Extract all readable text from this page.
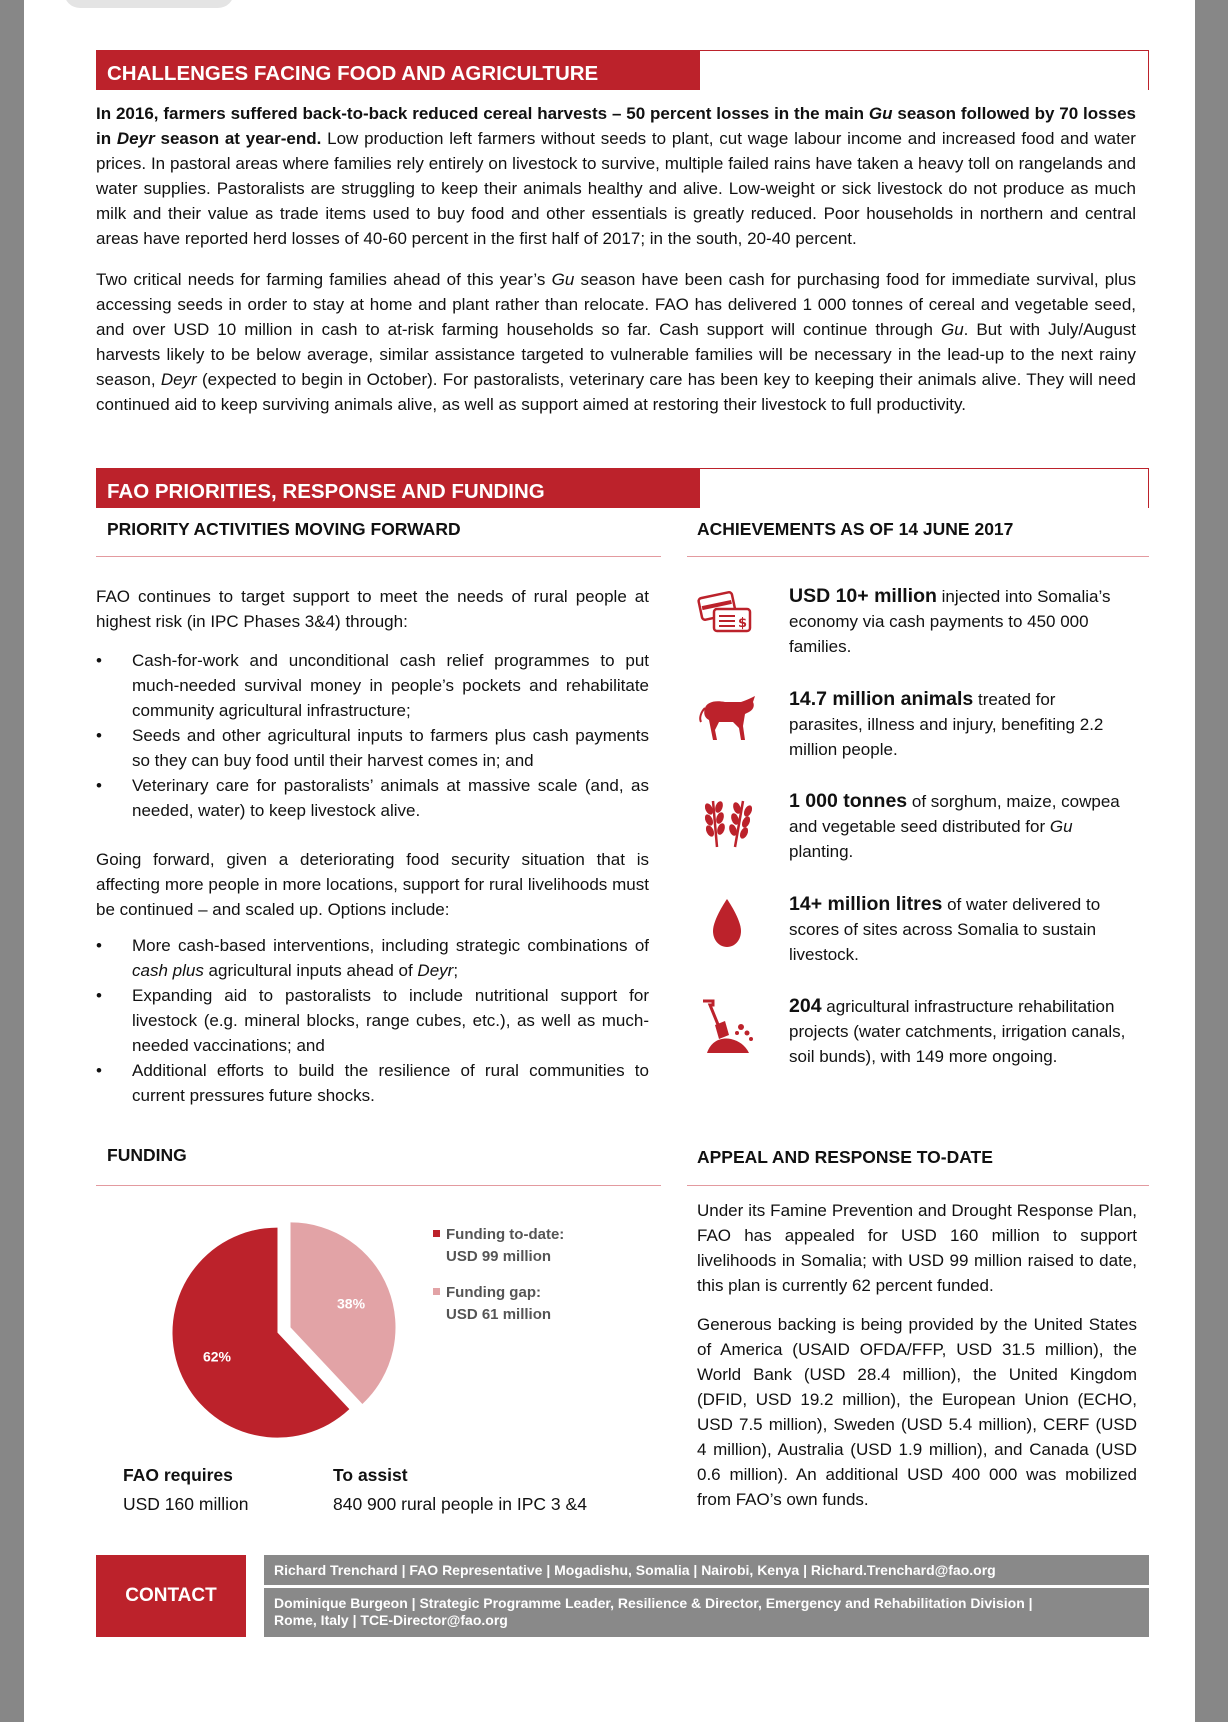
CHALLENGES FACING FOOD AND AGRICULTURE

In 2016, farmers suffered back-to-back reduced cereal harvests – 50 percent losses in the main Gu season followed by 70 losses in Deyr season at year-end. Low production left farmers without seeds to plant, cut wage labour income and increased food and water prices. In pastoral areas where families rely entirely on livestock to survive, multiple failed rains have taken a heavy toll on rangelands and water supplies. Pastoralists are struggling to keep their animals healthy and alive. Low-weight or sick livestock do not produce as much milk and their value as trade items used to buy food and other essentials is greatly reduced. Poor households in northern and central areas have reported herd losses of 40-60 percent in the first half of 2017; in the south, 20-40 percent.

Two critical needs for farming families ahead of this year’s Gu season have been cash for purchasing food for immediate survival, plus accessing seeds in order to stay at home and plant rather than relocate. FAO has delivered 1 000 tonnes of cereal and vegetable seed, and over USD 10 million in cash to at-risk farming households so far. Cash support will continue through Gu. But with July/August harvests likely to be below average, similar assistance targeted to vulnerable families will be necessary in the lead-up to the next rainy season, Deyr (expected to begin in October). For pastoralists, veterinary care has been key to keeping their animals alive. They will need continued aid to keep surviving animals alive, as well as support aimed at restoring their livestock to full productivity.

FAO PRIORITIES, RESPONSE AND FUNDING
PRIORITY ACTIVITIES MOVING FORWARD	ACHIEVEMENTS AS OF 14 JUNE 2017

FAO continues to target support to meet the needs of rural people at highest risk (in IPC Phases 3&4) through:

• Cash-for-work and unconditional cash relief programmes to put much-needed survival money in people’s pockets and rehabilitate community agricultural infrastructure;
• Seeds and other agricultural inputs to farmers plus cash payments so they can buy food until their harvest comes in; and
• Veterinary care for pastoralists’ animals at massive scale (and, as needed, water) to keep livestock alive.

Going forward, given a deteriorating food security situation that is affecting more people in more locations, support for rural livelihoods must be continued – and scaled up. Options include:

• More cash-based interventions, including strategic combinations of cash plus agricultural inputs ahead of Deyr;
• Expanding aid to pastoralists to include nutritional support for livestock (e.g. mineral blocks, range cubes, etc.), as well as much-needed vaccinations; and
• Additional efforts to build the resilience of rural communities to current pressures future shocks.
$
USD 10+ million injected into Somalia’s economy via cash payments to 450 000 families.
14.7 million animals treated for parasites, illness and injury, benefiting 2.2 million people.
1 000 tonnes of sorghum, maize, cowpea and vegetable seed distributed for Gu planting.
14+ million litres of water delivered to scores of sites across Somalia to sustain livestock.
204 agricultural infrastructure rehabilitation projects (water catchments, irrigation canals, soil bunds), with 149 more ongoing.
FUNDING
62%
38%
Funding to-date:
USD 99 million
Funding gap:
USD 61 million
FAO requires
USD 160 million
To assist
840 900 rural people in IPC 3 &4
APPEAL AND RESPONSE TO-DATE

Under its Famine Prevention and Drought Response Plan, FAO has appealed for USD 160 million to support livelihoods in Somalia; with USD 99 million raised to date, this plan is currently 62 percent funded.

Generous backing is being provided by the United States of America (USAID OFDA/FFP, USD 31.5 million), the World Bank (USD 28.4 million), the United Kingdom (DFID, USD 19.2 million), the European Union (ECHO, USD 7.5 million), Sweden (USD 5.4 million), CERF (USD 4 million), Australia (USD 1.9 million), and Canada (USD 0.6 million). An additional USD 400 000 was mobilized from FAO’s own funds.

CONTACT
Richard Trenchard | FAO Representative | Mogadishu, Somalia | Nairobi, Kenya | Richard.Trenchard@fao.org
Dominique Burgeon | Strategic Programme Leader, Resilience & Director, Emergency and Rehabilitation Division |
Rome, Italy | TCE-Director@fao.org
